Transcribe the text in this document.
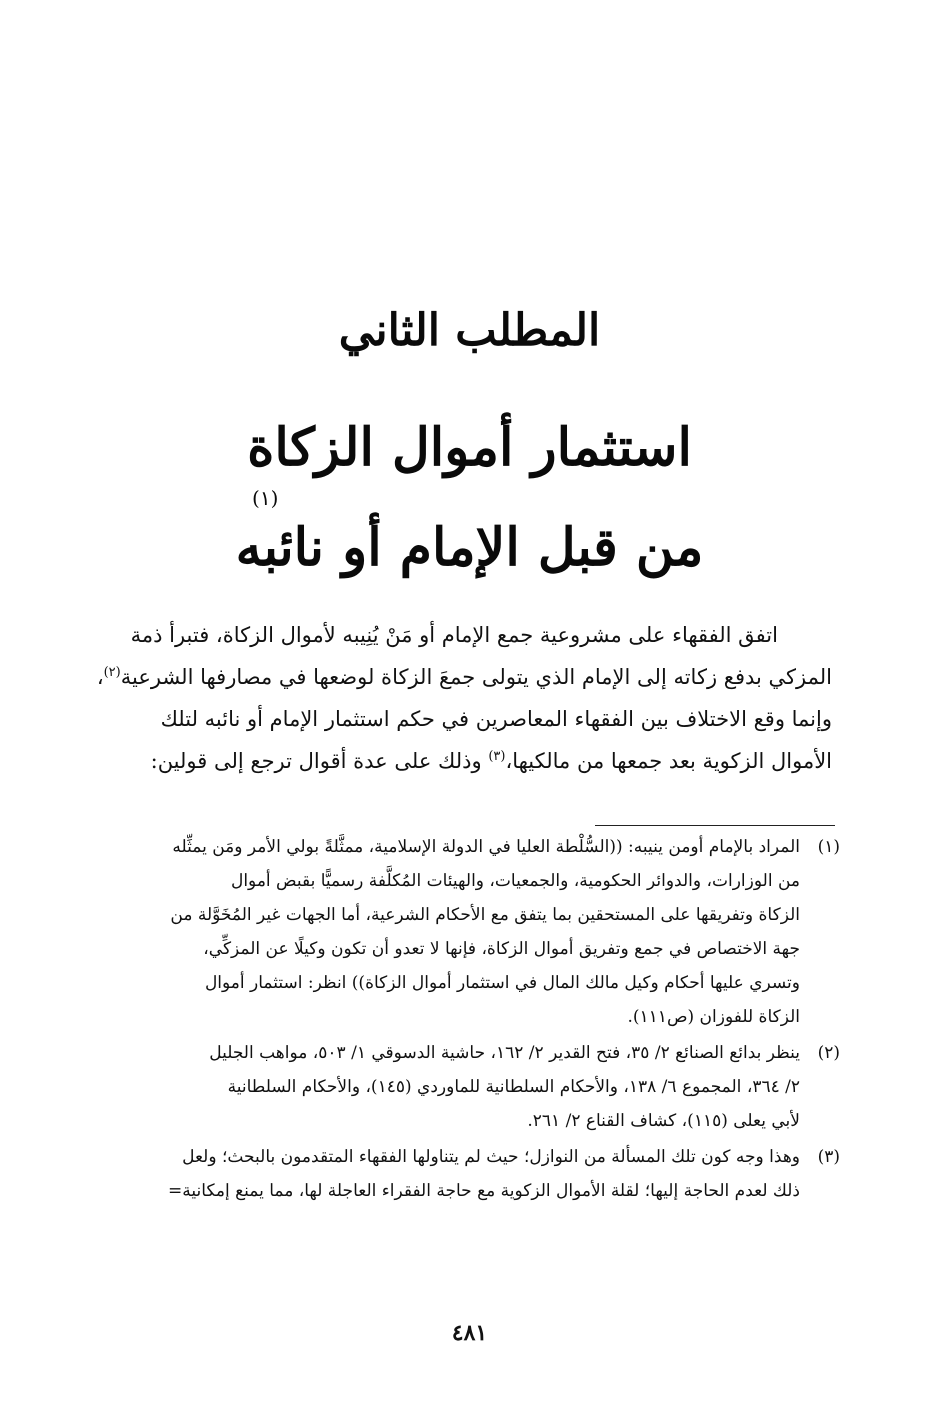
المطلب الثاني
استثمار أموال الزكاة
من قبل الإمام أو نائبه
(١)
اتفق الفقهاء على مشروعية جمع الإمام أو مَنْ يُنِيبه لأموال الزكاة، فتبرأ ذمة
المزكي بدفع زكاته إلى الإمام الذي يتولى جمعَ الزكاة لوضعها في مصارفها الشرعية$^{(٢)}$،
وإنما وقع الاختلاف بين الفقهاء المعاصرين في حكم استثمار الإمام أو نائبه لتلك
الأموال الزكوية بعد جمعها من مالكيها،$^{(٣)}$ وذلك على عدة أقوال ترجع إلى قولين:
(١)
المراد بالإمام أومن ينيبه: ((السُّلْطة العليا في الدولة الإسلامية، ممثَّلةً بولي الأمر ومَن يمثِّله
من الوزارات، والدوائر الحكومية، والجمعيات، والهيئات المُكلَّفة رسميًّا بقبض أموال
الزكاة وتفريقها على المستحقين بما يتفق مع الأحكام الشرعية، أما الجهات غير المُخَوَّلة من
جهة الاختصاص في جمع وتفريق أموال الزكاة، فإنها لا تعدو أن تكون وكيلًا عن المزكِّي،
وتسري عليها أحكام وكيل مالك المال في استثمار أموال الزكاة)) انظر: استثمار أموال
الزكاة للفوزان (ص١١١).
(٢)
ينظر بدائع الصنائع ٢/ ٣٥، فتح القدير ٢/ ١٦٢، حاشية الدسوقي ١/ ٥٠٣، مواهب الجليل
٢/ ٣٦٤، المجموع ٦/ ١٣٨، والأحكام السلطانية للماوردي (١٤٥)، والأحكام السلطانية
لأبي يعلى (١١٥)، كشاف القناع ٢/ ٢٦١.
(٣)
وهذا وجه كون تلك المسألة من النوازل؛ حيث لم يتناولها الفقهاء المتقدمون بالبحث؛ ولعل
ذلك لعدم الحاجة إليها؛ لقلة الأموال الزكوية مع حاجة الفقراء العاجلة لها، مما يمنع إمكانية=
٤٨١
